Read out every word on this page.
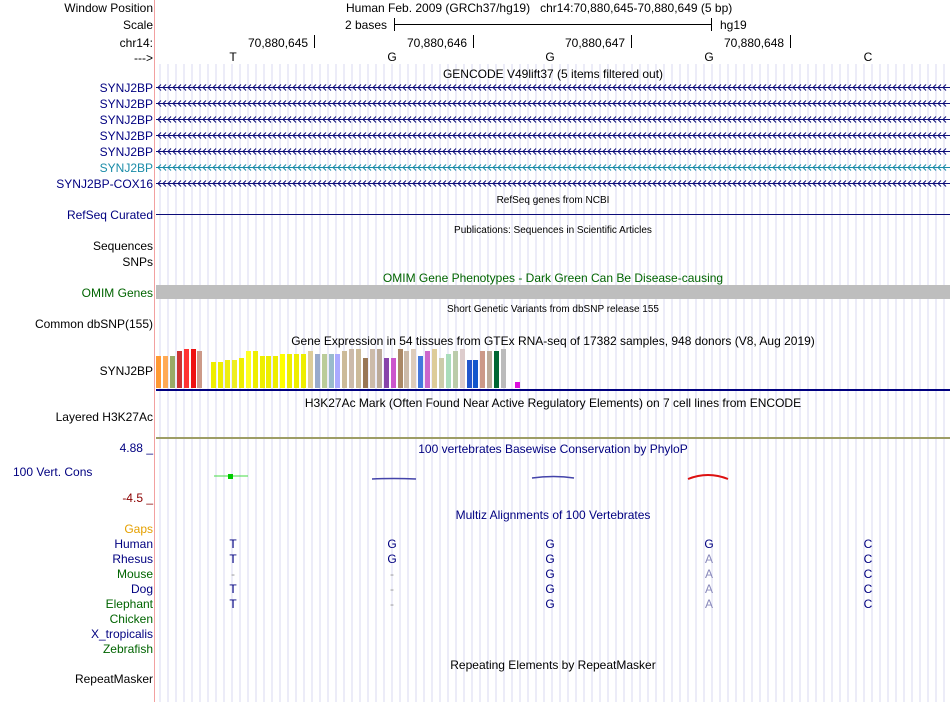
Window Position	Human Feb. 2009 (GRCh37/hg19)   chr14:70,880,645-70,880,649 (5 bp)
Scale	2 bases	hg19
chr14:	70,880,645	70,880,646	70,880,647	70,880,648
--->	T	G	G	G	C
GENCODE V49lift37 (5 items filtered out)
SYNJ2BP
SYNJ2BP
SYNJ2BP
SYNJ2BP
SYNJ2BP
SYNJ2BP
SYNJ2BP-COX16
RefSeq genes from NCBI
RefSeq Curated
Publications: Sequences in Scientific Articles
Sequences
SNPs
OMIM Gene Phenotypes - Dark Green Can Be Disease-causing
OMIM Genes
Short Genetic Variants from dbSNP release 155
Common dbSNP(155)
Gene Expression in 54 tissues from GTEx RNA-seq of 17382 samples, 948 donors (V8, Aug 2019)
SYNJ2BP
H3K27Ac Mark (Often Found Near Active Regulatory Elements) on 7 cell lines from ENCODE
Layered H3K27Ac
100 vertebrates Basewise Conservation by PhyloP
4.88 _
100 Vert. Cons
-4.5 _
Multiz Alignments of 100 Vertebrates
Gaps
Human	T	G	G	G	C
Rhesus	T	G	G	A	C
Mouse	-	-	G	A	C
Dog	T	-	G	A	C
Elephant	T	-	G	A	C
Chicken
X_tropicalis
Zebrafish
Repeating Elements by RepeatMasker
RepeatMasker
